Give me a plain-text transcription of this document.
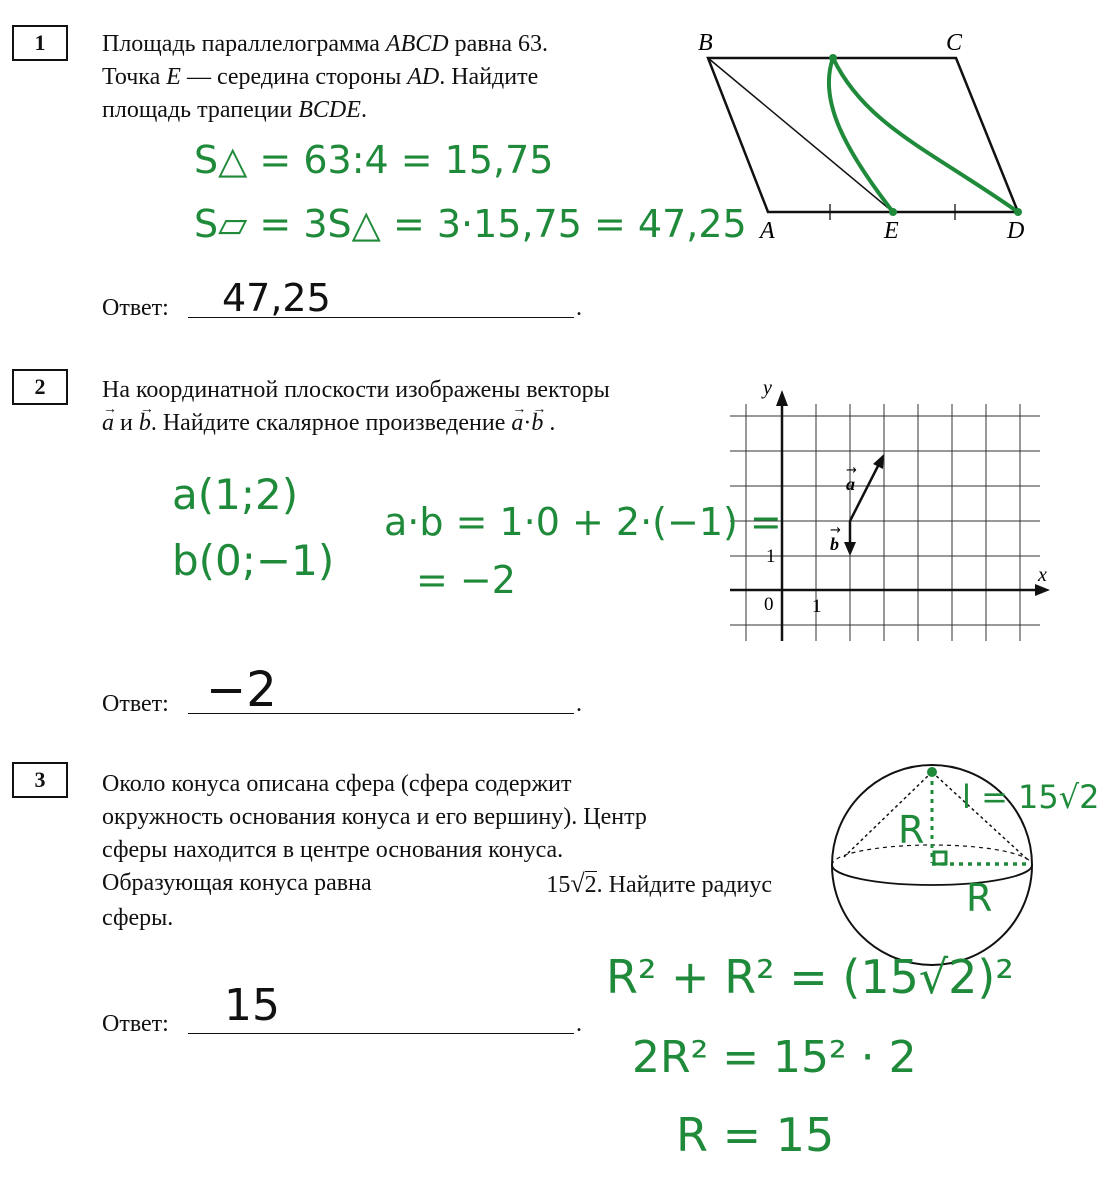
1 Площадь параллелограмма ABCD равна 63.
Точка E — середина стороны AD. Найдите
площадь трапеции BCDE.
B	C
A	E	D
S△ = 63:4 = 15,75
S▱ = 3S△ = 3·15,75 = 47,25
Ответ:	.
47,25
2 На координатной плоскости изображены векторы
→ a и → b. Найдите скалярное произведение → a·→ b .
y
x
1
0 1
a
→
b
→
a(1;2)
b(0;−1)
a·b = 1·0 + 2·(−1) =
= −2
Ответ:	.
−2
3 Около конуса описана сфера (сфера содержит
окружность основания конуса и его вершину). Центр
сферы находится в центре основания конуса.
Образующая конуса равна	15√2. Найдите радиус
сферы.
l = 15√2
R
R
Ответ:	.
15
R² + R² = (15√2)²
2R² = 15² · 2
R = 15
